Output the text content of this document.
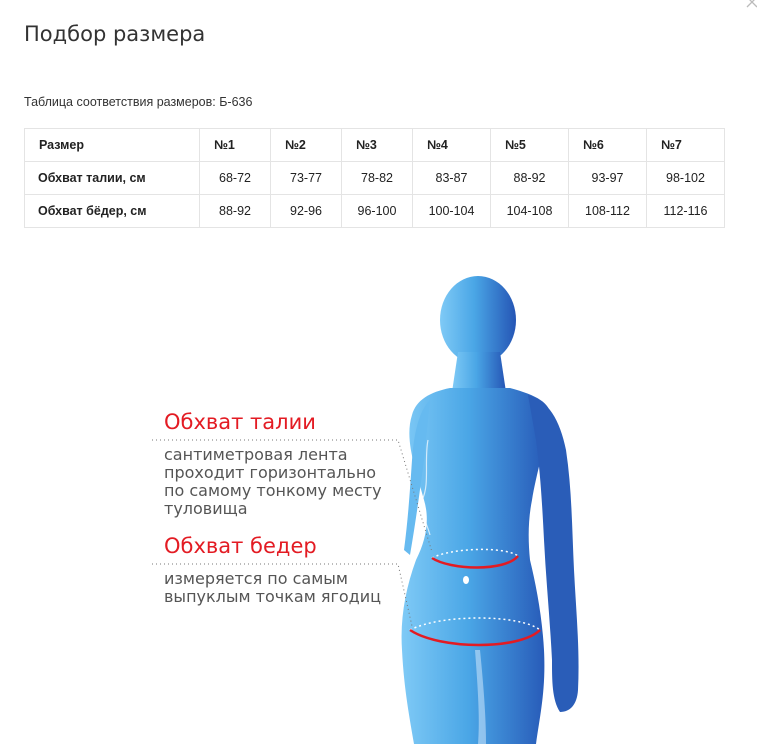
Подбор размера
Таблица соответствия размеров: Б-636
Размер	№1	№2	№3	№4	№5	№6	№7
Обхват талии, см	68-72	73-77	78-82	83-87	88-92	93-97	98-102
Обхват бёдер, см	88-92	92-96	96-100	100-104	104-108	108-112	112-116
PHARMACLICK.UZ
Обхват талии
сантиметровая лента
проходит горизонтально
по самому тонкому месту
туловища
Обхват бедер
измеряется по самым
выпуклым точкам ягодиц
